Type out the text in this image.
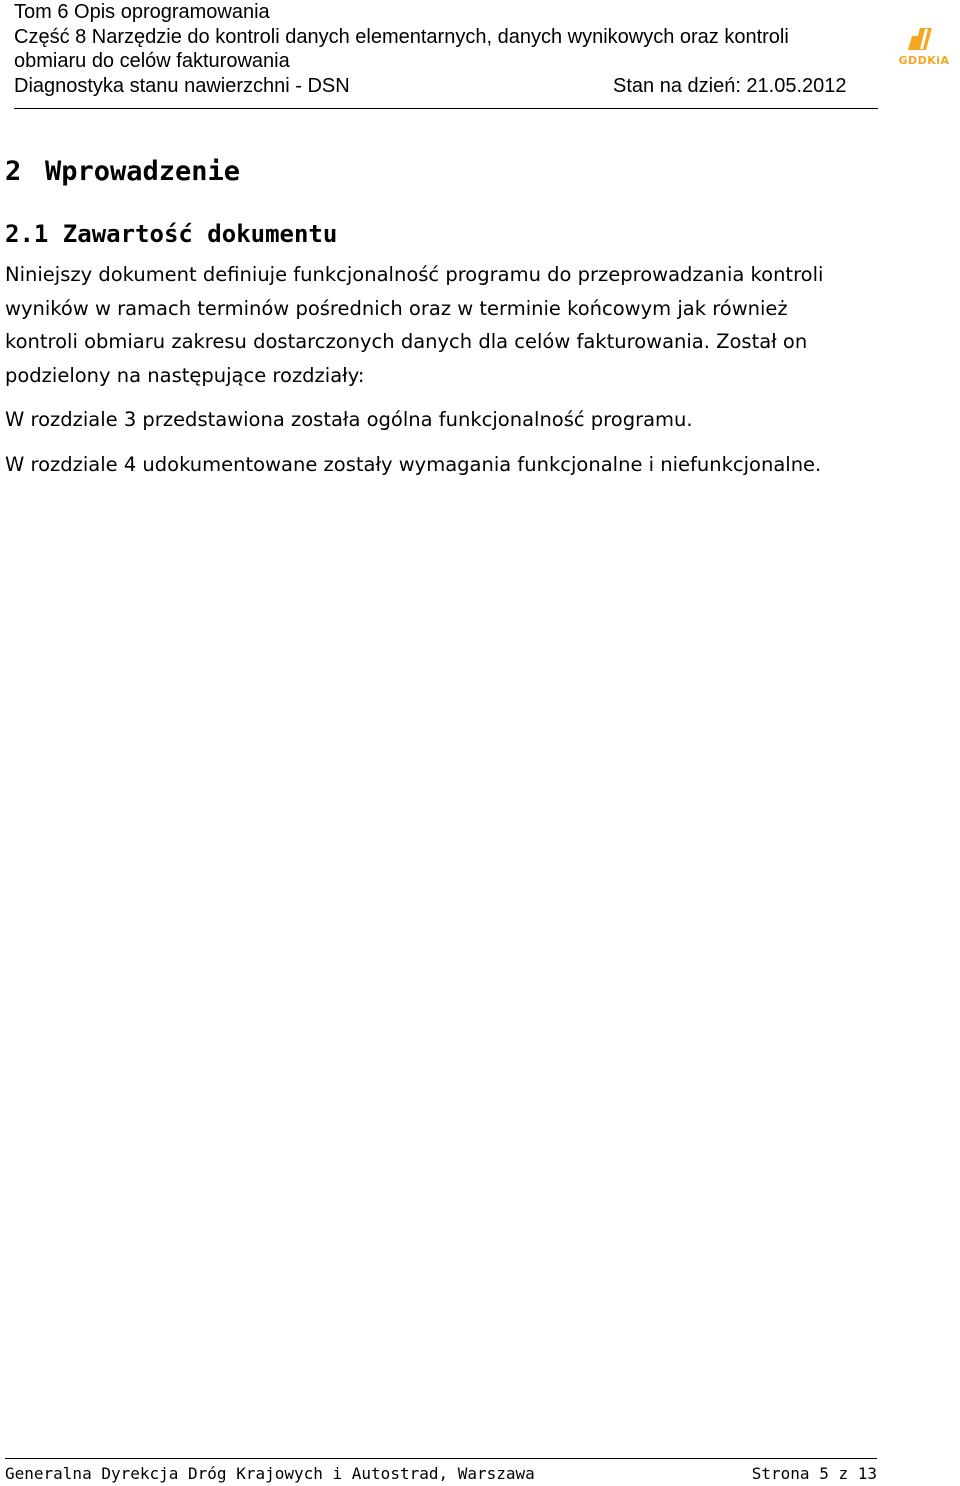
Tom 6 Opis oprogramowania
Część 8 Narzędzie do kontroli danych elementarnych, danych wynikowych oraz kontroli
obmiaru do celów fakturowania
Diagnostyka stanu nawierzchni - DSN	Stan na dzień: 21.05.2012
GDDKiA
2 Wprowadzenie
2.1 Zawartość dokumentu

Niniejszy dokument definiuje funkcjonalność programu do przeprowadzania kontroli wyników w ramach terminów pośrednich oraz w terminie końcowym jak również kontroli obmiaru zakresu dostarczonych danych dla celów fakturowania. Został on podzielony na następujące rozdziały:

W rozdziale 3 przedstawiona została ogólna funkcjonalność programu.

W rozdziale 4 udokumentowane zostały wymagania funkcjonalne i niefunkcjonalne.

Generalna Dyrekcja Dróg Krajowych i Autostrad, Warszawa	Strona 5 z 13
